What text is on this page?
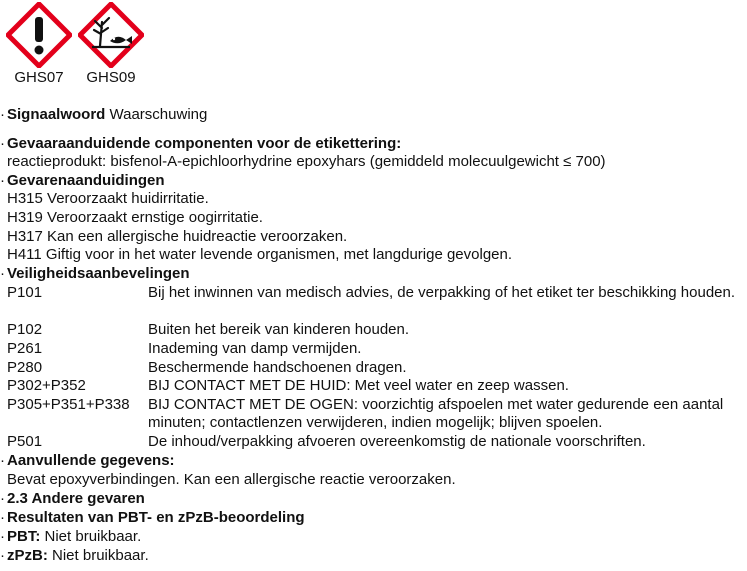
GHS07	GHS09
· Signaalwoord Waarschuwing
· Gevaaraanduidende componenten voor de etikettering:
reactieprodukt: bisfenol-A-epichloorhydrine epoxyhars (gemiddeld molecuulgewicht ≤ 700)
· Gevarenaanduidingen
H315 Veroorzaakt huidirritatie.
H319 Veroorzaakt ernstige oogirritatie.
H317 Kan een allergische huidreactie veroorzaken.
H411 Giftig voor in het water levende organismen, met langdurige gevolgen.
· Veiligheidsaanbevelingen
P101	Bij het inwinnen van medisch advies, de verpakking of het etiket ter beschikking houden.
P102	Buiten het bereik van kinderen houden.
P261	Inademing van damp vermijden.
P280	Beschermende handschoenen dragen.
P302+P352	BIJ CONTACT MET DE HUID: Met veel water en zeep wassen.
P305+P351+P338 BIJ CONTACT MET DE OGEN: voorzichtig afspoelen met water gedurende een aantal minuten; contactlenzen verwijderen, indien mogelijk; blijven spoelen.
P501	De inhoud/verpakking afvoeren overeenkomstig de nationale voorschriften.
· Aanvullende gegevens:
Bevat epoxyverbindingen. Kan een allergische reactie veroorzaken.
· 2.3 Andere gevaren
· Resultaten van PBT- en zPzB-beoordeling
· PBT: Niet bruikbaar.
· zPzB: Niet bruikbaar.
